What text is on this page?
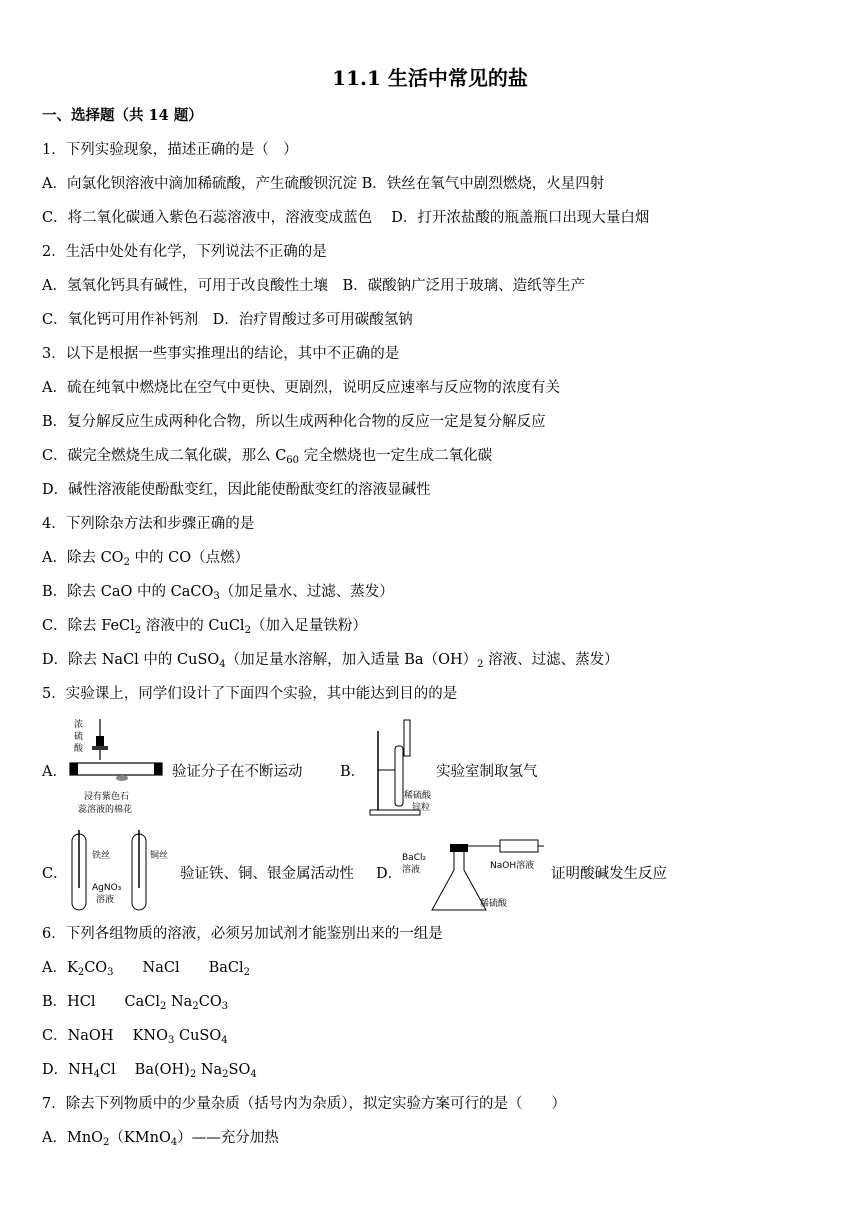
11.1 生活中常见的盐
一、选择题（共 14 题）
1．下列实验现象，描述正确的是（　）
A．向氯化钡溶液中滴加稀硫酸，产生硫酸钡沉淀 B．铁丝在氧气中剧烈燃烧，火星四射
C．将二氧化碳通入紫色石蕊溶液中，溶液变成蓝色　 D．打开浓盐酸的瓶盖瓶口出现大量白烟
2．生活中处处有化学，下列说法不正确的是
A．氢氧化钙具有碱性，可用于改良酸性土壤　B．碳酸钠广泛用于玻璃、造纸等生产
C．氧化钙可用作补钙剂　D．治疗胃酸过多可用碳酸氢钠
3．以下是根据一些事实推理出的结论，其中不正确的是
A．硫在纯氧中燃烧比在空气中更快、更剧烈，说明反应速率与反应物的浓度有关
B．复分解反应生成两种化合物，所以生成两种化合物的反应一定是复分解反应
C．碳完全燃烧生成二氧化碳，那么 $C_{60}$ 完全燃烧也一定生成二氧化碳
D．碱性溶液能使酚酞变红，因此能使酚酞变红的溶液显碱性
4．下列除杂方法和步骤正确的是
A．除去 $CO_2$ 中的 CO（点燃）
B．除去 CaO 中的 CaCO$_3$（加足量水、过滤、蒸发）
C．除去 FeCl$_2$ 溶液中的 CuCl$_2$（加入足量铁粉）
D．除去 NaCl 中的 CuSO$_4$（加足量水溶解，加入适量 $Ba(OH)_2$ 溶液、过滤、蒸发）
5．实验课上，同学们设计了下面四个实验，其中能达到目的的是
A．
浓
硫
酸
浸有紫色石
蕊溶液的棉花
验证分子在不断运动	B．
稀硫酸
锌粒
实验室制取氢气
C．
铁丝	铜丝
AgNO₃
溶液
验证铁、铜、银金属活动性 D．
BaCl₂
溶液	NaOH溶液
稀硫酸
证明酸碱发生反应
6．下列各组物质的溶液，必须另加试剂才能鉴别出来的一组是
A．$K_2CO_3$　　NaCl　　BaCl$_2$
B．HCl　　CaCl$_2$ $Na_2CO_3$
C．NaOH　 $KNO_3$ CuSO$_4$
D．$NH_4Cl$　 $Ba(OH)_2$ $Na_2SO_4$
7．除去下列物质中的少量杂质（括号内为杂质），拟定实验方案可行的是（　　）
A．MnO$_2$（KMnO$_4$）——充分加热
